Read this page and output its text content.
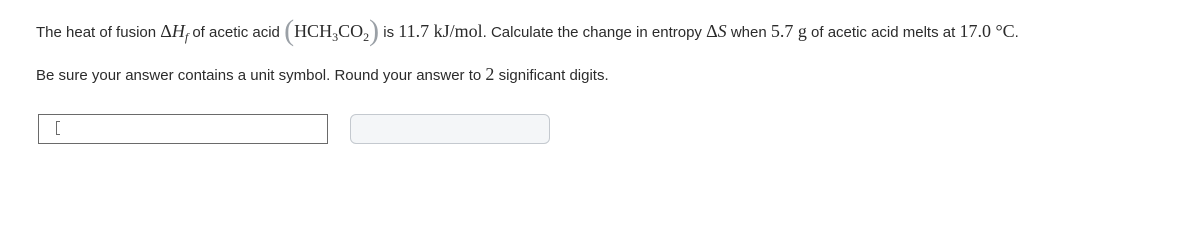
The heat of fusion $\Delta H_f$ of acetic acid $(HCH_3CO_2)$ is 11.7 kJ/mol. Calculate the change in entropy ΔS when 5.7 g of acetic acid melts at 17.0 °C.
Be sure your answer contains a unit symbol. Round your answer to 2 significant digits.
